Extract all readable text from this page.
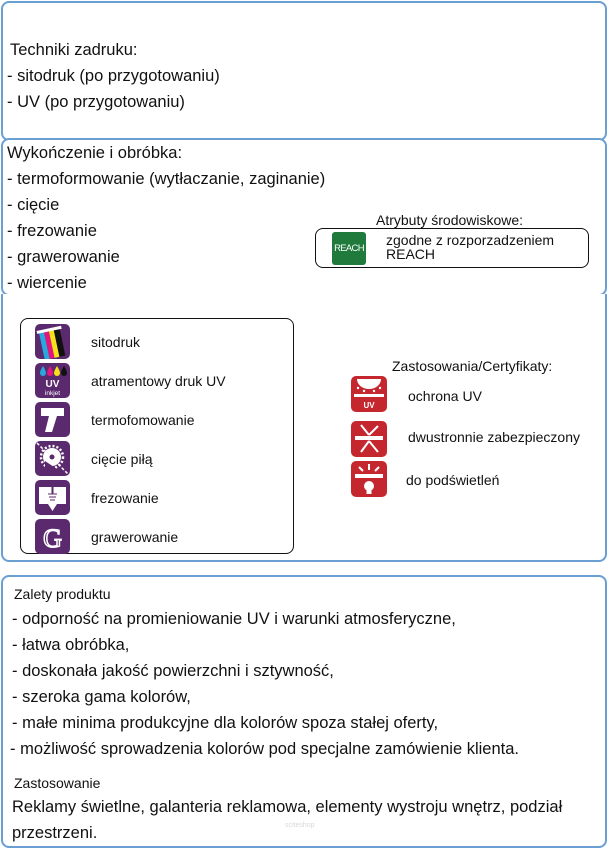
Techniki zadruku:
- sitodruk (po przygotowaniu)
- UV (po przygotowaniu)
Wykończenie i obróbka:
- termoformowanie (wytłaczanie, zaginanie)
- cięcie
- frezowanie
- grawerowanie
- wiercenie
Atrybuty środowiskowe:
REACH
zgodne z rozporzadzeniem
REACH
sitodruk
UV
inkjet
atramentowy druk UV
termofomowanie
cięcie piłą
frezowanie
G grawerowanie
Zastosowania/Certyfikaty:
UV
ochrona UV
dwustronnie zabezpieczony
do podświetleń
Zalety produktu
- odporność na promieniowanie UV i warunki atmosferyczne,
- łatwa obróbka,
- doskonała jakość powierzchni i sztywność,
- szeroka gama kolorów,
- małe minima produkcyjne dla kolorów spoza stałej oferty,
- możliwość sprowadzenia kolorów pod specjalne zamówienie klienta.
Zastosowanie
Reklamy świetlne, galanteria reklamowa, elementy wystroju wnętrz, podział
przestrzeni.	sciteshop
